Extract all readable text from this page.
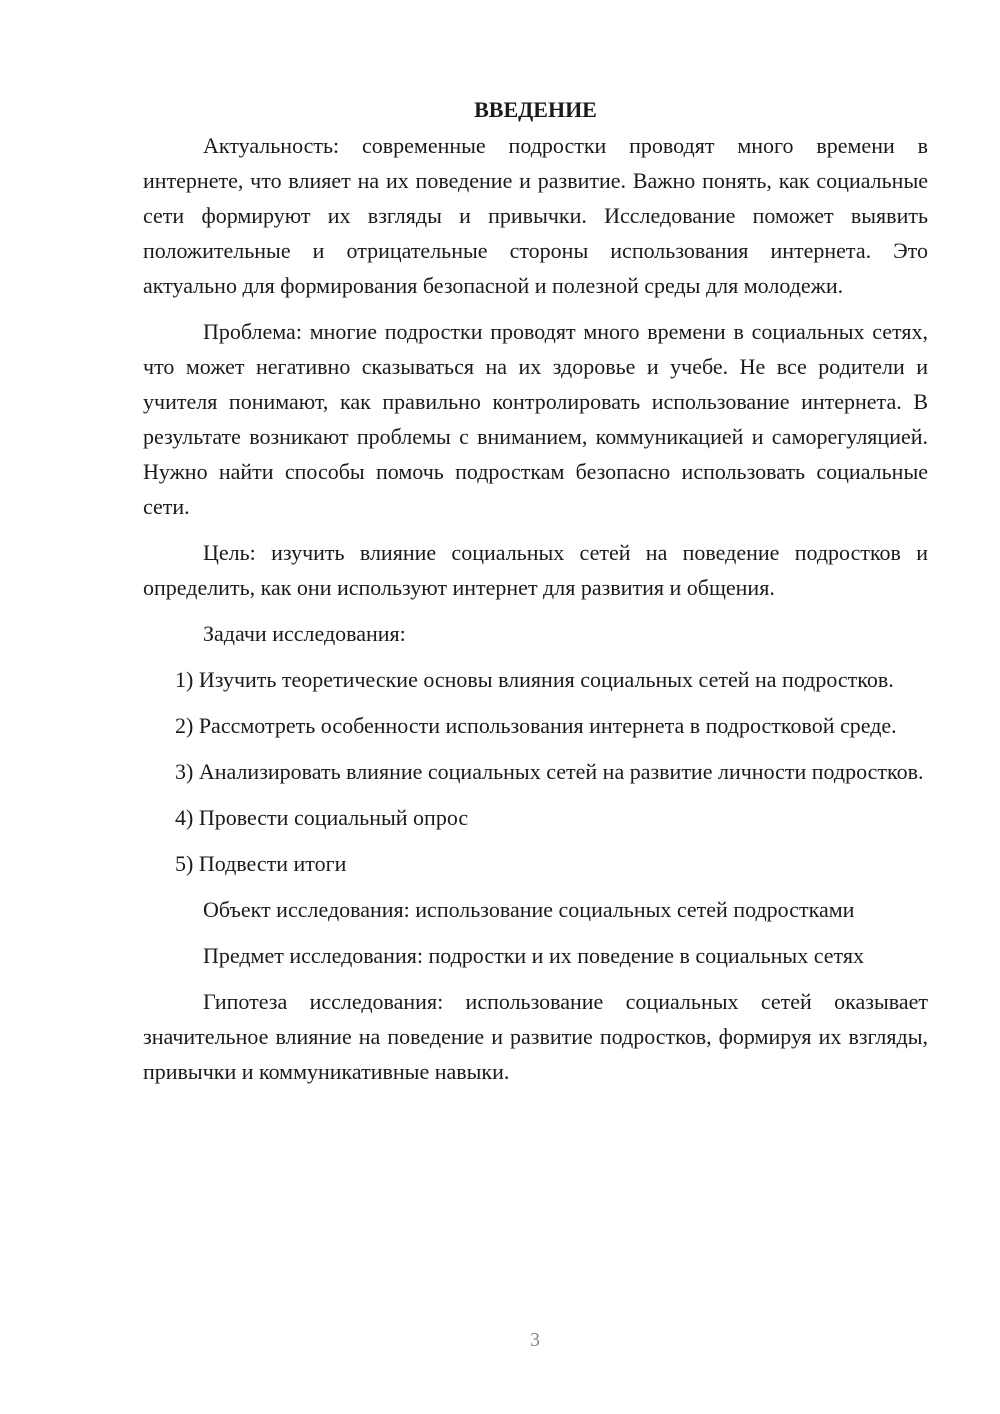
ВВЕДЕНИЕ

Актуальность: современные подростки проводят много времени в интернете, что влияет на их поведение и развитие. Важно понять, как социальные сети формируют их взгляды и привычки. Исследование поможет выявить положительные и отрицательные стороны использования интернета. Это актуально для формирования безопасной и полезной среды для молодежи.

Проблема: многие подростки проводят много времени в социальных сетях, что может негативно сказываться на их здоровье и учебе. Не все родители и учителя понимают, как правильно контролировать использование интернета. В результате возникают проблемы с вниманием, коммуникацией и саморегуляцией. Нужно найти способы помочь подросткам безопасно использовать социальные сети.

Цель: изучить влияние социальных сетей на поведение подростков и определить, как они используют интернет для развития и общения.

Задачи исследования:

1) Изучить теоретические основы влияния социальных сетей на подростков.

2) Рассмотреть особенности использования интернета в подростковой среде.

3) Анализировать влияние социальных сетей на развитие личности подростков.

4) Провести социальный опрос

5) Подвести итоги

Объект исследования: использование социальных сетей подростками

Предмет исследования: подростки и их поведение в социальных сетях

Гипотеза исследования: использование социальных сетей оказывает значительное влияние на поведение и развитие подростков, формируя их взгляды, привычки и коммуникативные навыки.

3
